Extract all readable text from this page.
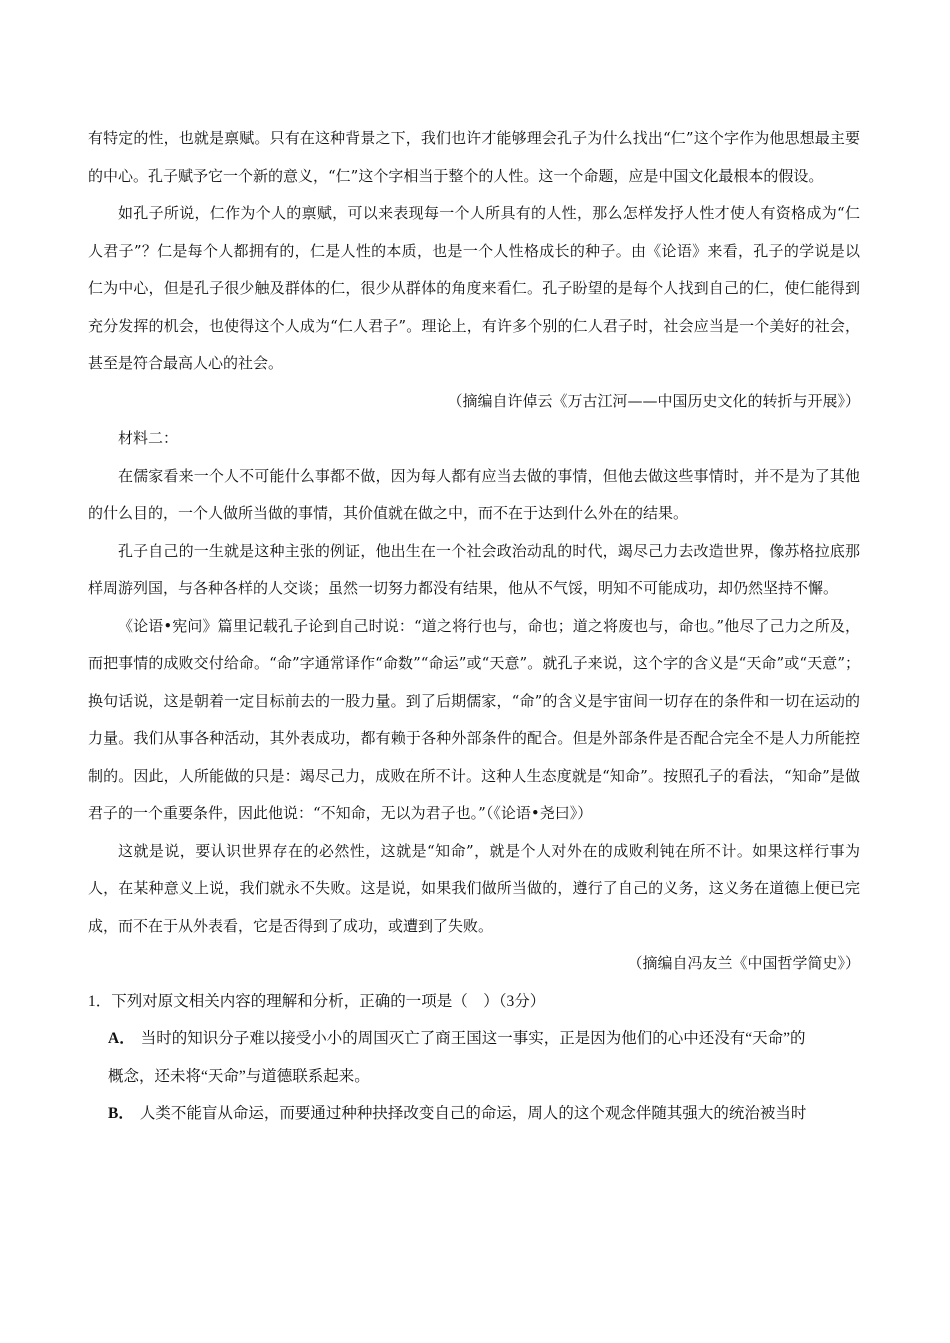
有特定的性，也就是禀赋。只有在这种背景之下，我们也许才能够理会孔子为什么找出“仁”这个字作为他思想最主要的中心。孔子赋予它一个新的意义，“仁”这个字相当于整个的人性。这一个命题，应是中国文化最根本的假设。

如孔子所说，仁作为个人的禀赋，可以来表现每一个人所具有的人性，那么怎样发抒人性才使人有资格成为“仁人君子”？仁是每个人都拥有的，仁是人性的本质，也是一个人性格成长的种子。由《论语》来看，孔子的学说是以仁为中心，但是孔子很少触及群体的仁，很少从群体的角度来看仁。孔子盼望的是每个人找到自己的仁，使仁能得到充分发挥的机会，也使得这个人成为“仁人君子”。理论上，有许多个别的仁人君子时，社会应当是一个美好的社会，甚至是符合最高人心的社会。

（摘编自许倬云《万古江河——中国历史文化的转折与开展》）

材料二：

在儒家看来一个人不可能什么事都不做，因为每人都有应当去做的事情，但他去做这些事情时，并不是为了其他的什么目的，一个人做所当做的事情，其价值就在做之中，而不在于达到什么外在的结果。

孔子自己的一生就是这种主张的例证，他出生在一个社会政治动乱的时代，竭尽己力去改造世界，像苏格拉底那样周游列国，与各种各样的人交谈；虽然一切努力都没有结果，他从不气馁，明知不可能成功，却仍然坚持不懈。

《论语•宪问》篇里记载孔子论到自己时说：“道之将行也与，命也；道之将废也与，命也。”他尽了己力之所及，而把事情的成败交付给命。“命”字通常译作“命数”“命运”或“天意”。就孔子来说，这个字的含义是“天命”或“天意”；换句话说，这是朝着一定目标前去的一股力量。到了后期儒家，“命”的含义是宇宙间一切存在的条件和一切在运动的力量。我们从事各种活动，其外表成功，都有赖于各种外部条件的配合。但是外部条件是否配合完全不是人力所能控制的。因此，人所能做的只是：竭尽己力，成败在所不计。这种人生态度就是“知命”。按照孔子的看法，“知命”是做君子的一个重要条件，因此他说：“不知命，无以为君子也。”（《论语•尧曰》）

这就是说，要认识世界存在的必然性，这就是“知命”，就是个人对外在的成败利钝在所不计。如果这样行事为人，在某种意义上说，我们就永不失败。这是说，如果我们做所当做的，遵行了自己的义务，这义务在道德上便已完成，而不在于从外表看，它是否得到了成功，或遭到了失败。

（摘编自冯友兰《中国哲学简史》）

1．下列对原文相关内容的理解和分析，正确的一项是（　）（3分）

A． 当时的知识分子难以接受小小的周国灭亡了商王国这一事实，正是因为他们的心中还没有“天命”的

概念，还未将“天命”与道德联系起来。

B． 人类不能盲从命运，而要通过种种抉择改变自己的命运，周人的这个观念伴随其强大的统治被当时
